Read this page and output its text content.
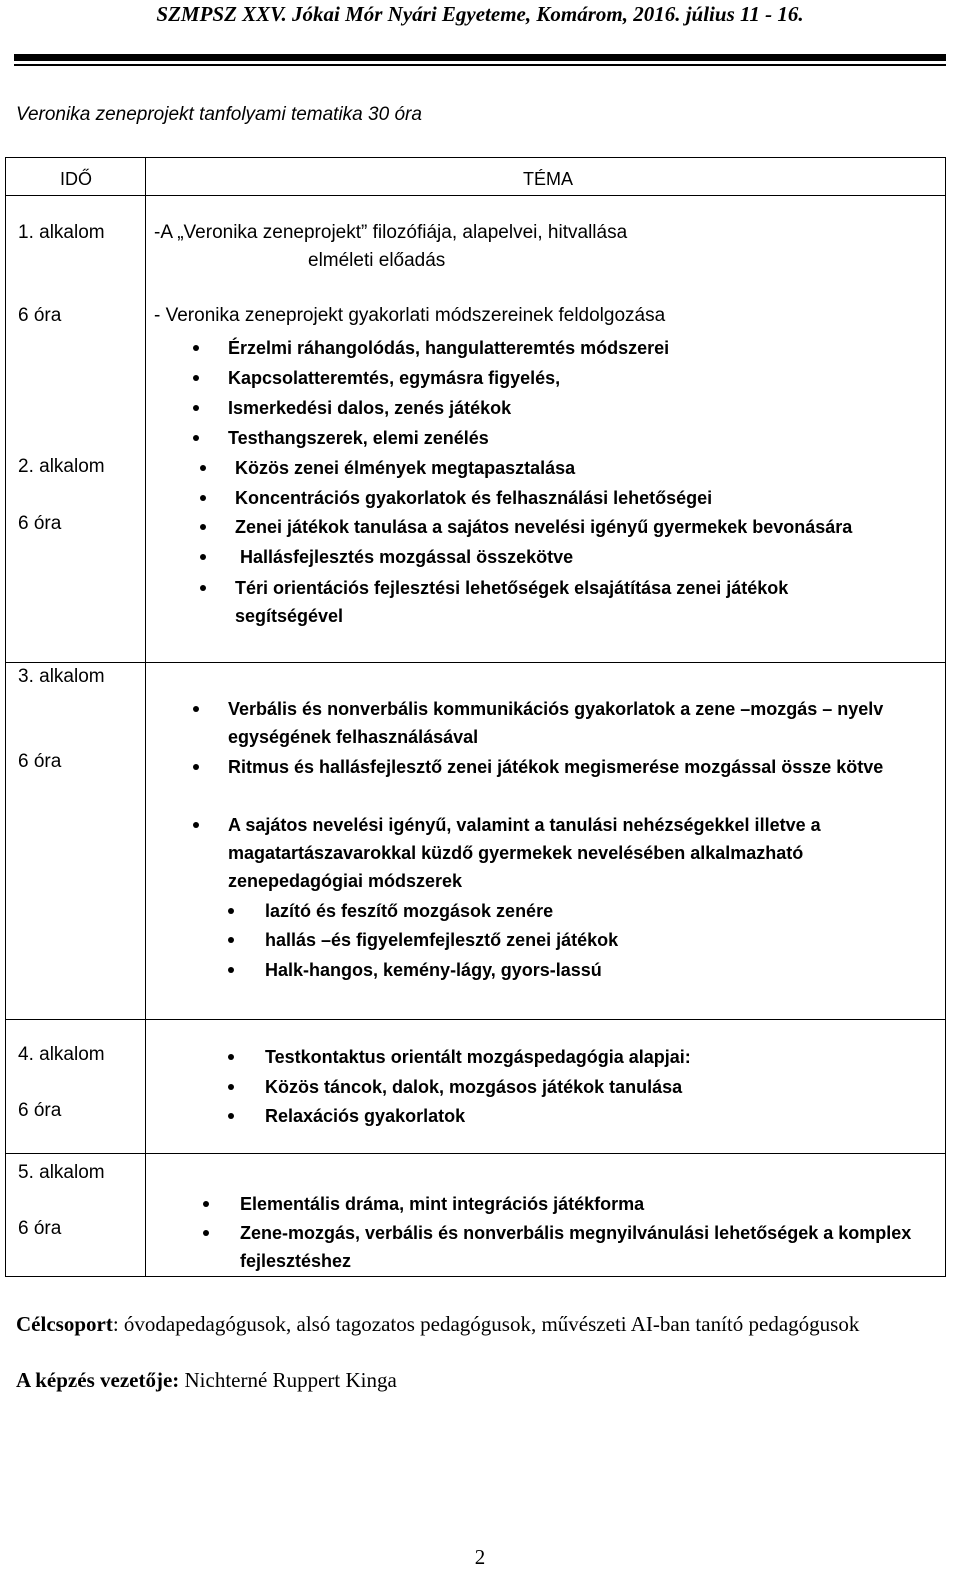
SZMPSZ XXV. Jókai Mór Nyári Egyeteme, Komárom, 2016. július 11 - 16.
Veronika zeneprojekt tanfolyami tematika 30 óra
IDŐ	TÉMA
1. alkalom
6 óra
-A „Veronika zeneprojekt” filozófiája, alapelvei, hitvallása
elméleti előadás
- Veronika zeneprojekt gyakorlati módszereinek feldolgozása
Érzelmi ráhangolódás, hangulatteremtés módszerei
Kapcsolatteremtés, egymásra figyelés,
Ismerkedési dalos, zenés játékok
Testhangszerek, elemi zenélés
2. alkalom
6 óra
Közös zenei élmények megtapasztalása
Koncentrációs gyakorlatok és felhasználási lehetőségei
Zenei játékok tanulása a sajátos nevelési igényű gyermekek bevonására
Hallásfejlesztés mozgással összekötve
Téri orientációs fejlesztési lehetőségek elsajátítása zenei játékok segítségével
3. alkalom
6 óra
Verbális és nonverbális kommunikációs gyakorlatok a zene –mozgás – nyelv egységének felhasználásával
Ritmus és hallásfejlesztő zenei játékok megismerése mozgással össze kötve
A sajátos nevelési igényű, valamint a tanulási nehézségekkel illetve a magatartászavarokkal küzdő gyermekek nevelésében alkalmazható zenepedagógiai módszerek
lazító és feszítő mozgások zenére
hallás –és figyelemfejlesztő zenei játékok
Halk-hangos, kemény-lágy, gyors-lassú
4. alkalom
6 óra
Testkontaktus orientált mozgáspedagógia alapjai:
Közös táncok, dalok, mozgásos játékok tanulása
Relaxációs gyakorlatok
5. alkalom
6 óra
Elementális dráma, mint integrációs játékforma
Zene-mozgás, verbális és nonverbális megnyilvánulási lehetőségek a komplex fejlesztéshez
Célcsoport: óvodapedagógusok, alsó tagozatos pedagógusok, művészeti AI-ban tanító pedagógusok
A képzés vezetője: Nichterné Ruppert Kinga
2
